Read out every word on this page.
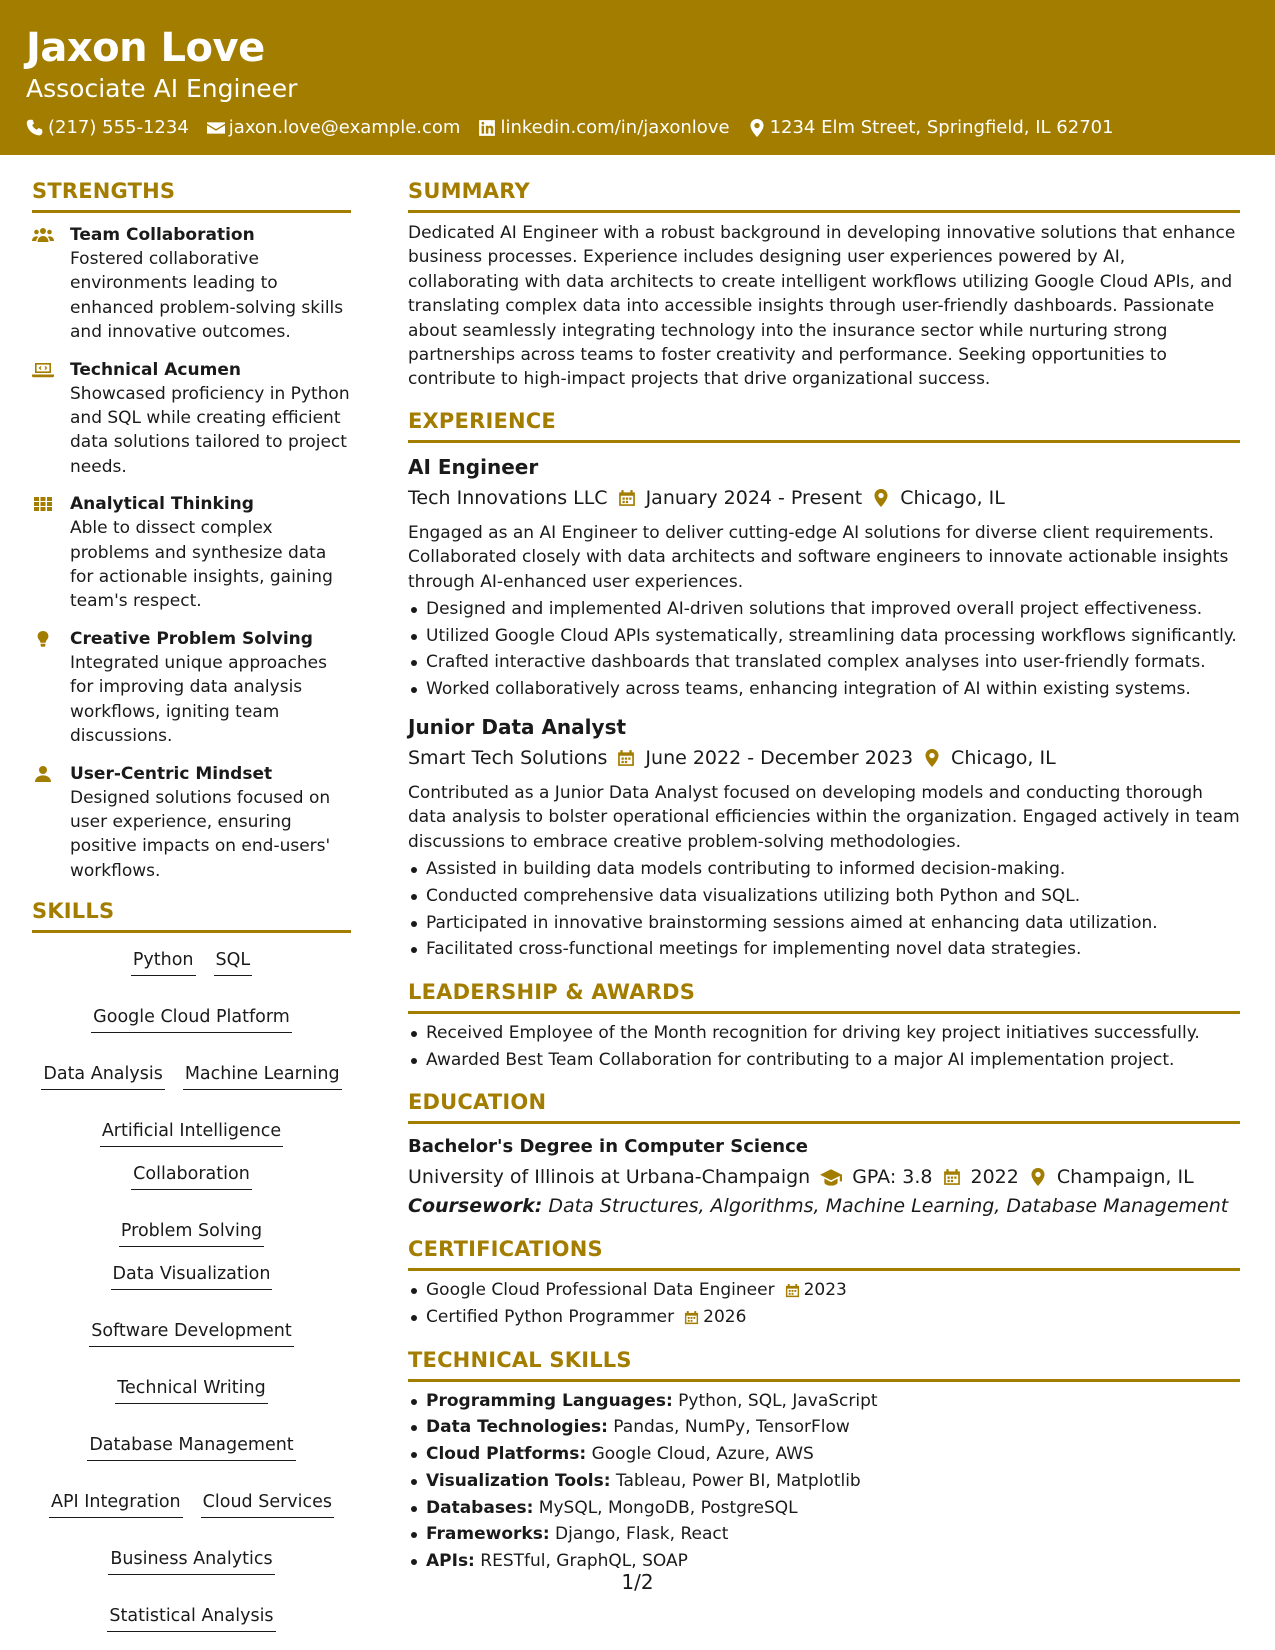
Jaxon Love
Associate AI Engineer
(217) 555-1234 jaxon.love@example.com linkedin.com/in/jaxonlove 1234 Elm Street, Springfield, IL 62701
STRENGTHS
Team Collaboration
Fostered collaborative environments leading to enhanced problem-solving skills and innovative outcomes.
Technical Acumen
Showcased proficiency in Python and SQL while creating efficient data solutions tailored to project needs.
Analytical Thinking
Able to dissect complex problems and synthesize data for actionable insights, gaining team's respect.
Creative Problem Solving
Integrated unique approaches for improving data analysis workflows, igniting team discussions.
User-Centric Mindset
Designed solutions focused on user experience, ensuring positive impacts on end-users' workflows.
SKILLS
Python SQL
Google Cloud Platform
Data Analysis Machine Learning
Artificial Intelligence
Collaboration
Problem Solving
Data Visualization
Software Development
Technical Writing
Database Management
API Integration Cloud Services
Business Analytics
Statistical Analysis
SUMMARY
Dedicated AI Engineer with a robust background in developing innovative solutions that enhance business processes. Experience includes designing user experiences powered by AI, collaborating with data architects to create intelligent workflows utilizing Google Cloud APIs, and translating complex data into accessible insights through user-friendly dashboards. Passionate about seamlessly integrating technology into the insurance sector while nurturing strong partnerships across teams to foster creativity and performance. Seeking opportunities to contribute to high-impact projects that drive organizational success.
EXPERIENCE
AI Engineer
Tech Innovations LLC January 2024 - Present Chicago, IL
Engaged as an AI Engineer to deliver cutting-edge AI solutions for diverse client requirements. Collaborated closely with data architects and software engineers to innovate actionable insights through AI-enhanced user experiences.
Designed and implemented AI-driven solutions that improved overall project effectiveness.
Utilized Google Cloud APIs systematically, streamlining data processing workflows significantly.
Crafted interactive dashboards that translated complex analyses into user-friendly formats.
Worked collaboratively across teams, enhancing integration of AI within existing systems.
Junior Data Analyst
Smart Tech Solutions June 2022 - December 2023 Chicago, IL
Contributed as a Junior Data Analyst focused on developing models and conducting thorough data analysis to bolster operational efficiencies within the organization. Engaged actively in team discussions to embrace creative problem-solving methodologies.
Assisted in building data models contributing to informed decision-making.
Conducted comprehensive data visualizations utilizing both Python and SQL.
Participated in innovative brainstorming sessions aimed at enhancing data utilization.
Facilitated cross-functional meetings for implementing novel data strategies.
LEADERSHIP & AWARDS
Received Employee of the Month recognition for driving key project initiatives successfully.
Awarded Best Team Collaboration for contributing to a major AI implementation project.
EDUCATION
Bachelor's Degree in Computer Science
University of Illinois at Urbana-Champaign GPA: 3.8 2022 Champaign, IL
Coursework: Data Structures, Algorithms, Machine Learning, Database Management
CERTIFICATIONS
Google Cloud Professional Data Engineer 2023
Certified Python Programmer 2026
TECHNICAL SKILLS
Programming Languages: Python, SQL, JavaScript
Data Technologies: Pandas, NumPy, TensorFlow
Cloud Platforms: Google Cloud, Azure, AWS
Visualization Tools: Tableau, Power BI, Matplotlib
Databases: MySQL, MongoDB, PostgreSQL
Frameworks: Django, Flask, React
APIs: RESTful, GraphQL, SOAP
1/2
